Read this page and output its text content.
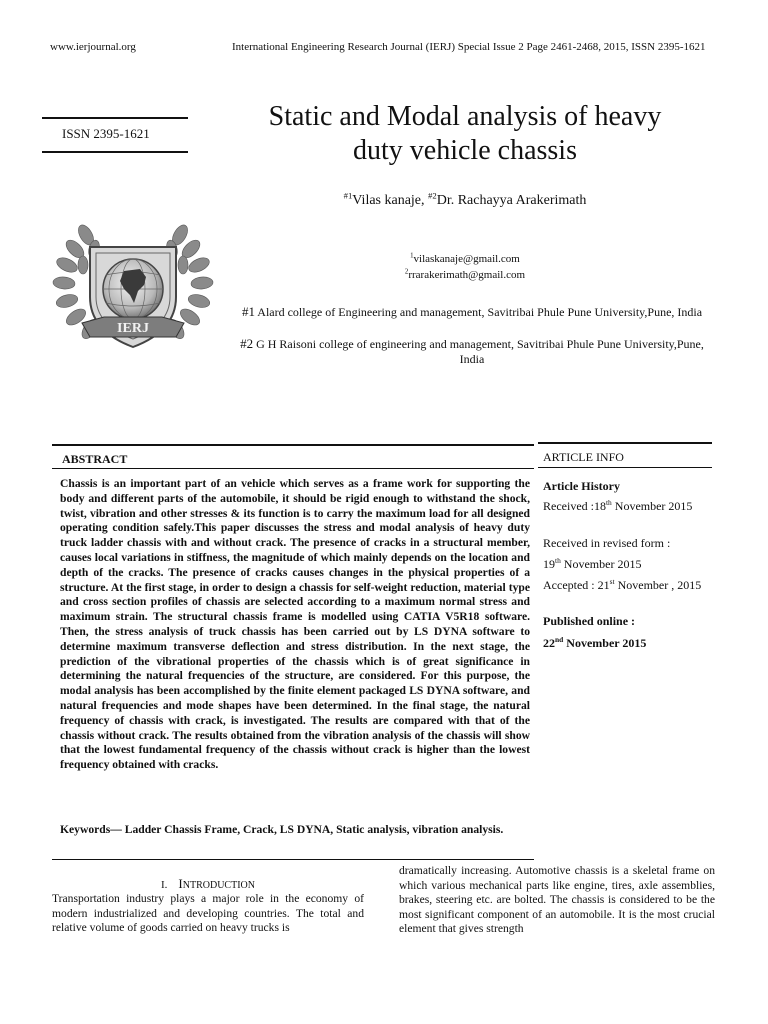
www.ierjournal.org	International Engineering Research Journal (IERJ) Special Issue 2 Page 2461-2468, 2015, ISSN 2395-1621
ISSN 2395-1621
IERJ
Static and Modal analysis of heavy
duty vehicle chassis
$^{\#1}$Vilas kanaje, $^{\#2}$Dr. Rachayya Arakerimath
$^1$vilaskanaje@gmail.com
$^2$rrarakerimath@gmail.com
#1 Alard college of Engineering and management, Savitribai Phule Pune University,Pune, India
#2 G H Raisoni college of engineering and management, Savitribai Phule Pune University,Pune, India
ABSTRACT
Chassis is an important part of an vehicle which serves as a frame work for supporting the body and different parts of the automobile, it should be rigid enough to withstand the shock, twist, vibration and other stresses & its function is to carry the maximum load for all designed operating condition safely.This paper discusses the stress and modal analysis of heavy duty truck ladder chassis with and without crack. The presence of cracks in a structural member, causes local variations in stiffness, the magnitude of which mainly depends on the location and depth of the cracks. The presence of cracks causes changes in the physical properties of a structure. At the first stage, in order to design a chassis for self-weight reduction, material type and cross section profiles of chassis are selected according to a maximum normal stress and maximum strain. The structural chassis frame is modelled using CATIA V5R18 software. Then, the stress analysis of truck chassis has been carried out by LS DYNA software to determine maximum transverse deflection and stress distribution. In the next stage, the prediction of the vibrational properties of the chassis which is of great significance in determining the natural frequencies of the structure, are considered. For this purpose, the modal analysis has been accomplished by the finite element packaged LS DYNA software, and natural frequencies and mode shapes have been determined. In the final stage, the natural frequency of chassis with crack, is investigated. The results are compared with that of the chassis without crack. The results obtained from the vibration analysis of the chassis will show that the lowest fundamental frequency of the chassis without crack is higher than the lowest frequency obtained with cracks.
Keywords— Ladder Chassis Frame, Crack, LS DYNA, Static analysis, vibration analysis.
ARTICLE INFO
Article History
Received :18th November 2015
Received in revised form :
19th November 2015
Accepted : 21st November , 2015
Published online :
22nd November 2015
I. INTRODUCTION
Transportation industry plays a major role in the economy of modern industrialized and developing countries. The total and relative volume of goods carried on heavy trucks is
dramatically increasing. Automotive chassis is a skeletal frame on which various mechanical parts like engine, tires, axle assemblies, brakes, steering etc. are bolted. The chassis is considered to be the most significant component of an automobile. It is the most crucial element that gives strength
